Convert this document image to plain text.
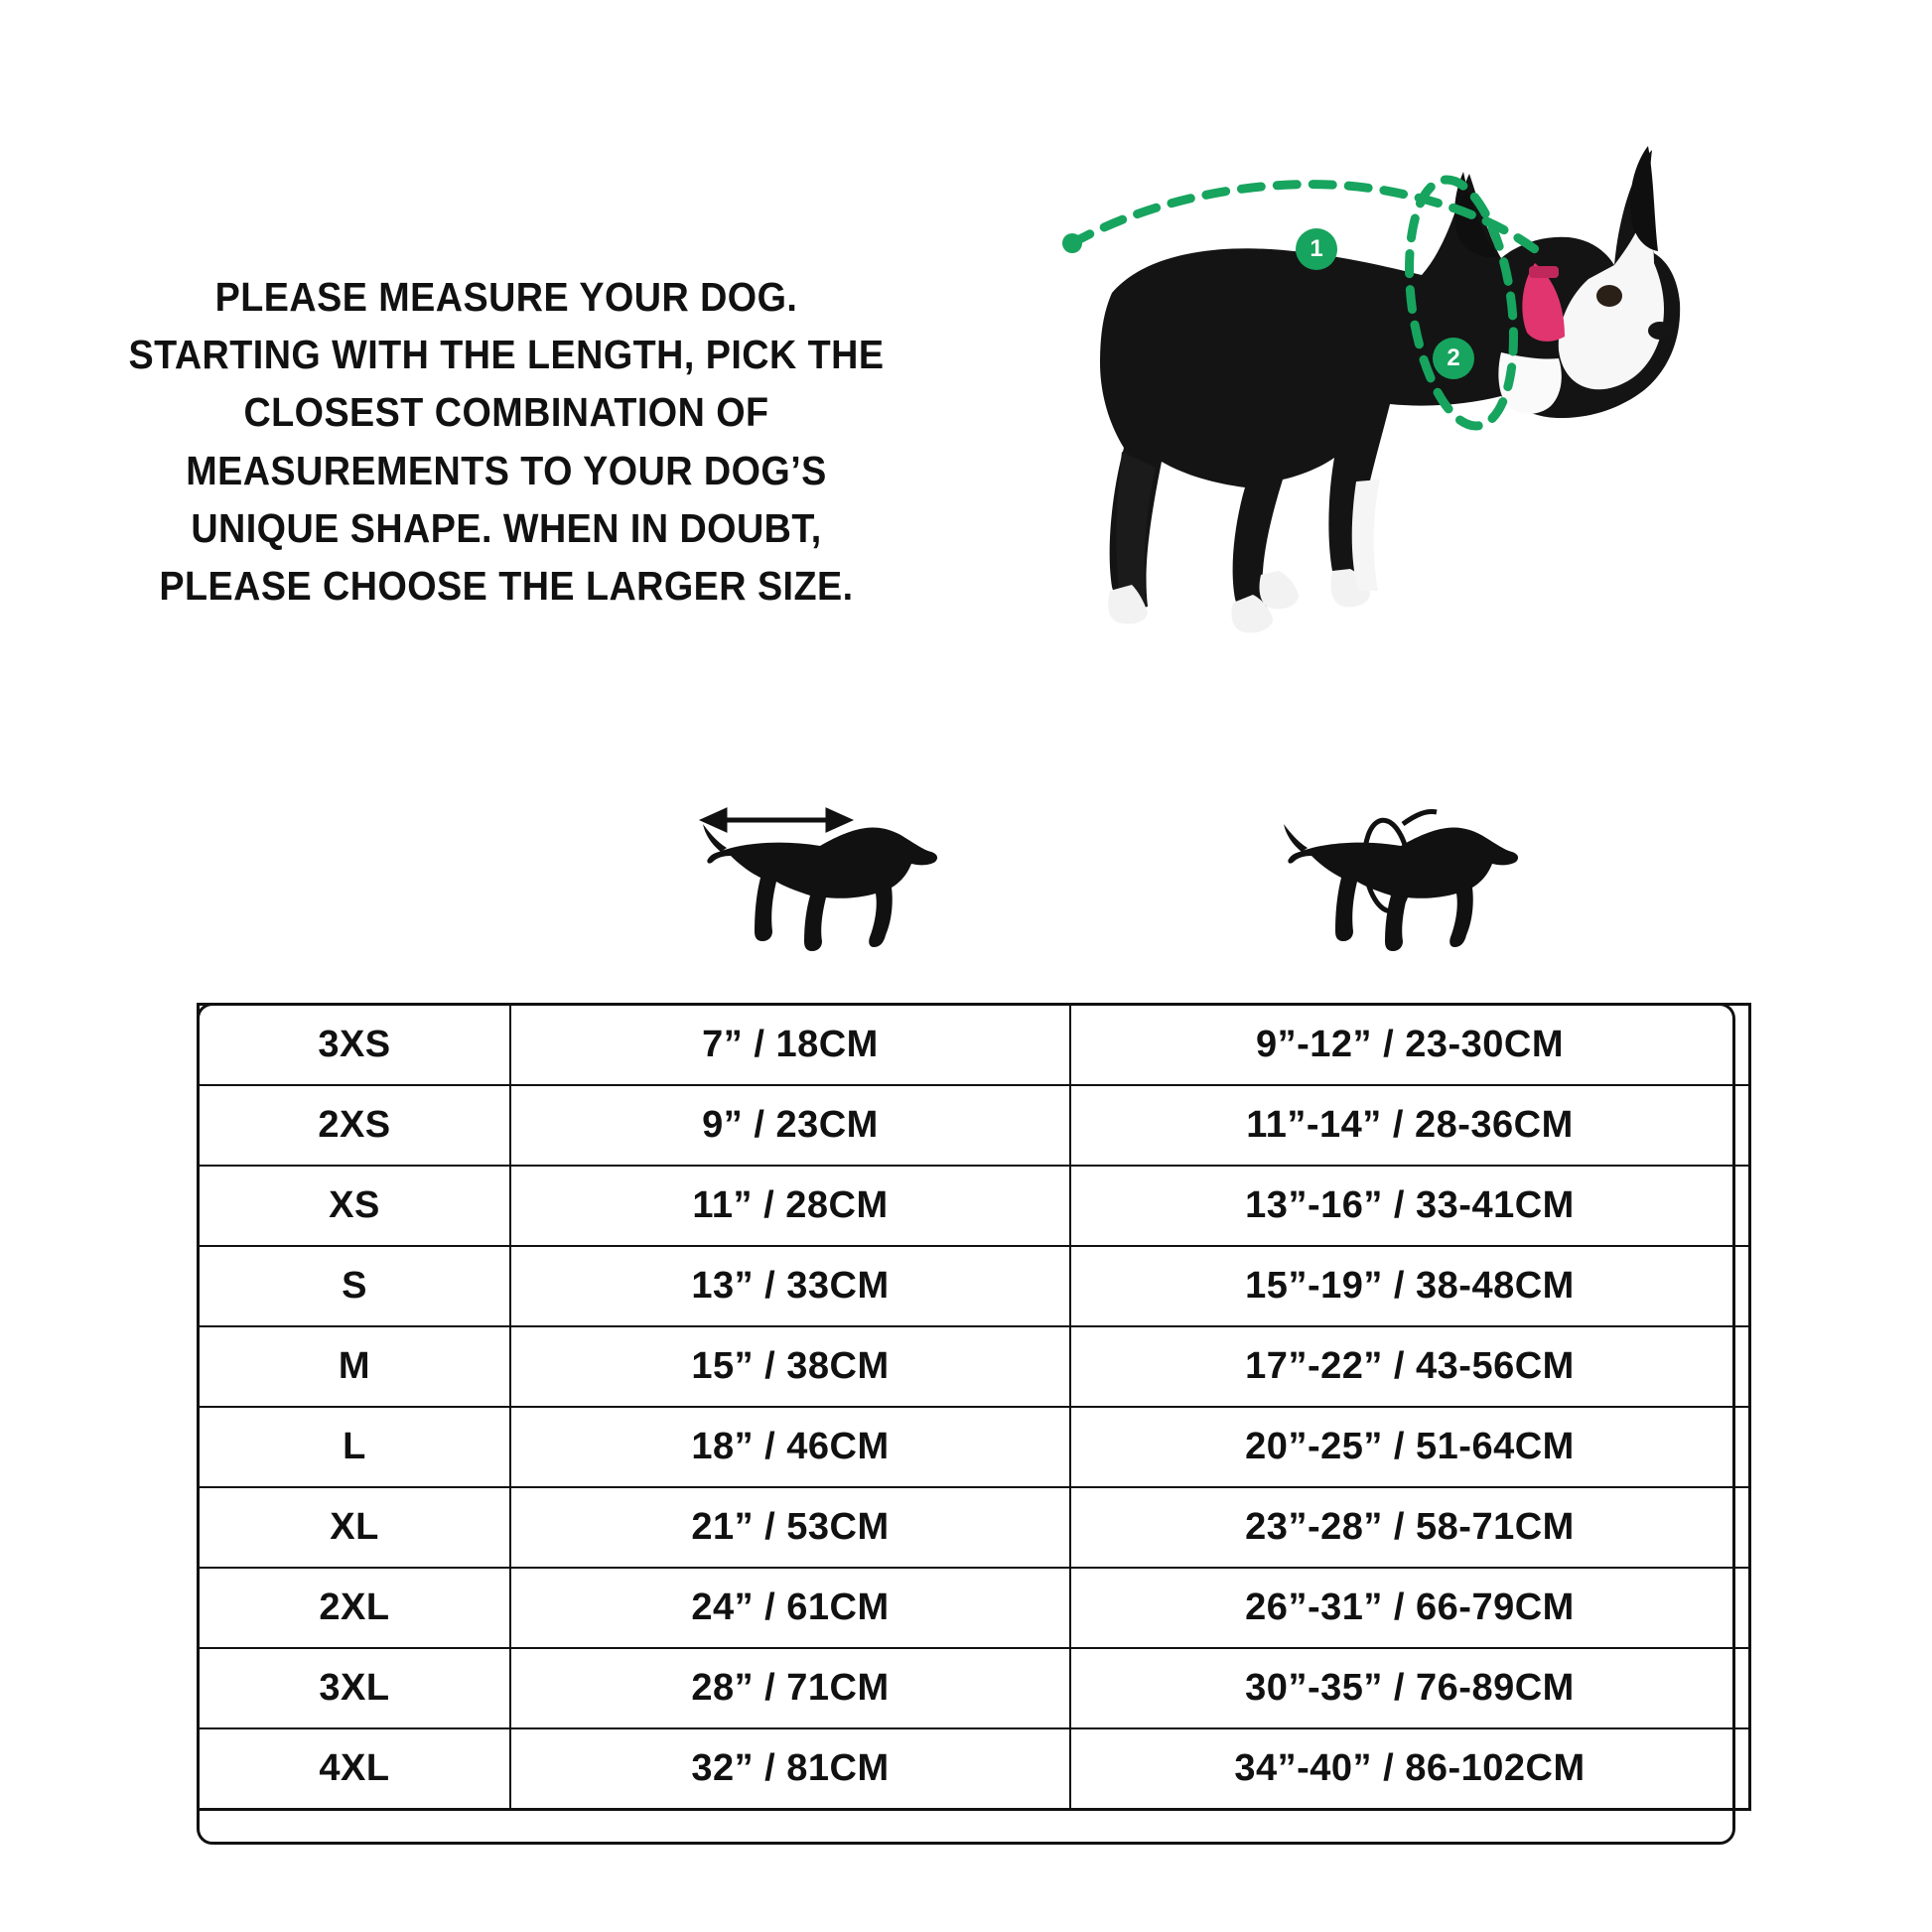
PLEASE MEASURE YOUR DOG. STARTING WITH THE LENGTH, PICK THE CLOSEST COMBINATION OF MEASUREMENTS TO YOUR DOG’S UNIQUE SHAPE. WHEN IN DOUBT, PLEASE CHOOSE THE LARGER SIZE.
1
2
3XS	7” / 18CM	9”-12” / 23-30CM
2XS	9” / 23CM	11”-14” / 28-36CM
XS	11” / 28CM	13”-16” / 33-41CM
S	13” / 33CM	15”-19” / 38-48CM
M	15” / 38CM	17”-22” / 43-56CM
L	18” / 46CM	20”-25” / 51-64CM
XL	21” / 53CM	23”-28” / 58-71CM
2XL	24” / 61CM	26”-31” / 66-79CM
3XL	28” / 71CM	30”-35” / 76-89CM
4XL	32” / 81CM	34”-40” / 86-102CM
